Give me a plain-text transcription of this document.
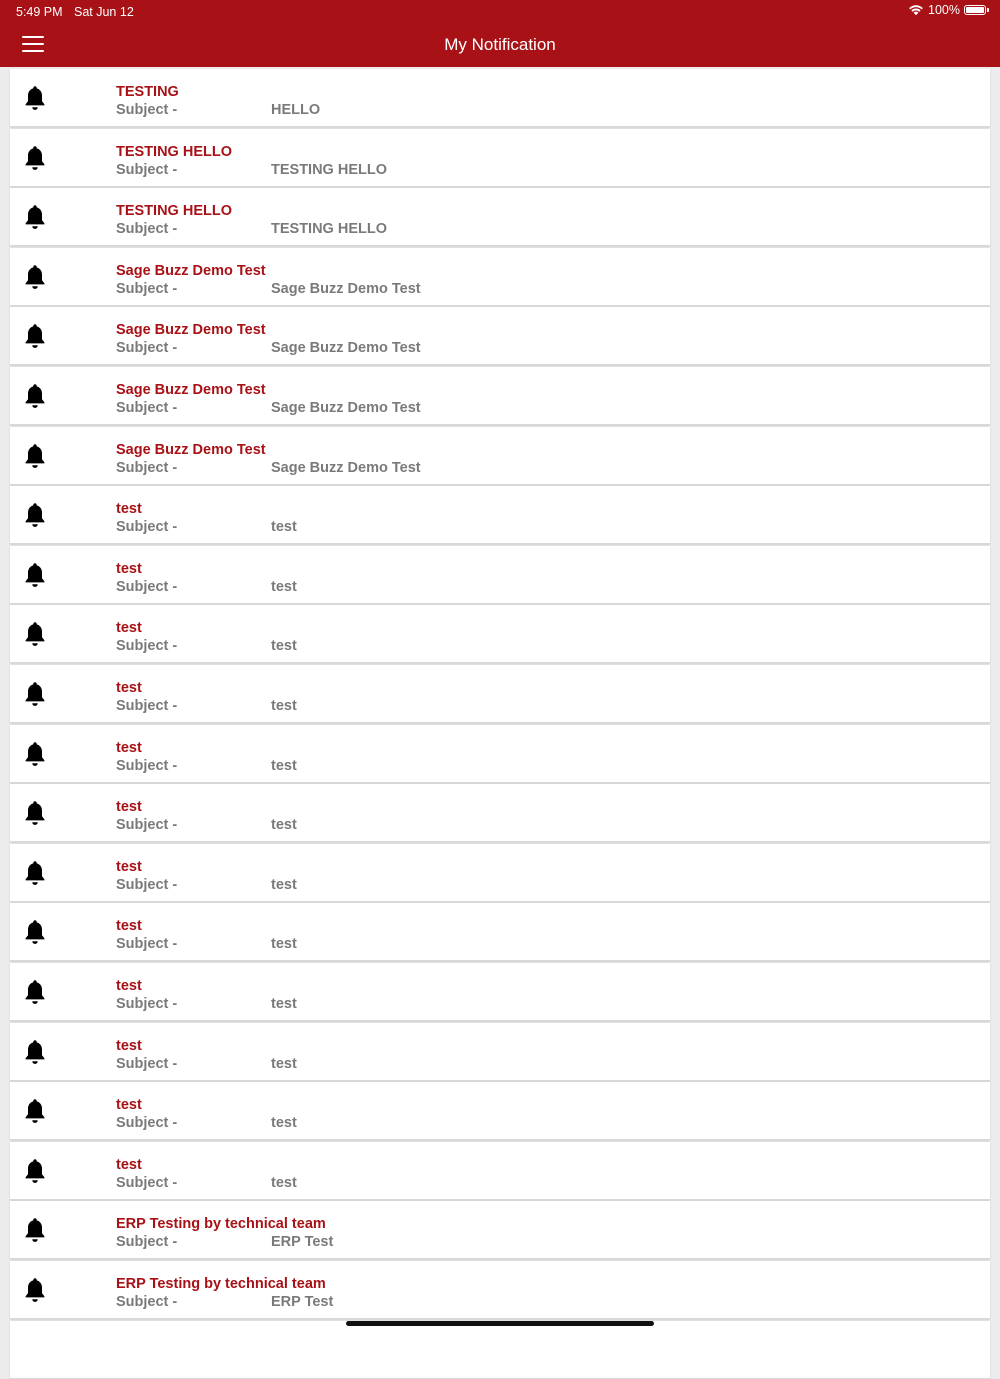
5:49 PM Sat Jun 12	100%
My Notification
TESTING
Subject -	HELLO
TESTING HELLO
Subject -	TESTING HELLO
TESTING HELLO
Subject -	TESTING HELLO
Sage Buzz Demo Test
Subject -	Sage Buzz Demo Test
Sage Buzz Demo Test
Subject -	Sage Buzz Demo Test
Sage Buzz Demo Test
Subject -	Sage Buzz Demo Test
Sage Buzz Demo Test
Subject -	Sage Buzz Demo Test
test
Subject -	test
test
Subject -	test
test
Subject -	test
test
Subject -	test
test
Subject -	test
test
Subject -	test
test
Subject -	test
test
Subject -	test
test
Subject -	test
test
Subject -	test
test
Subject -	test
test
Subject -	test
ERP Testing by technical team
Subject -	ERP Test
ERP Testing by technical team
Subject -	ERP Test
